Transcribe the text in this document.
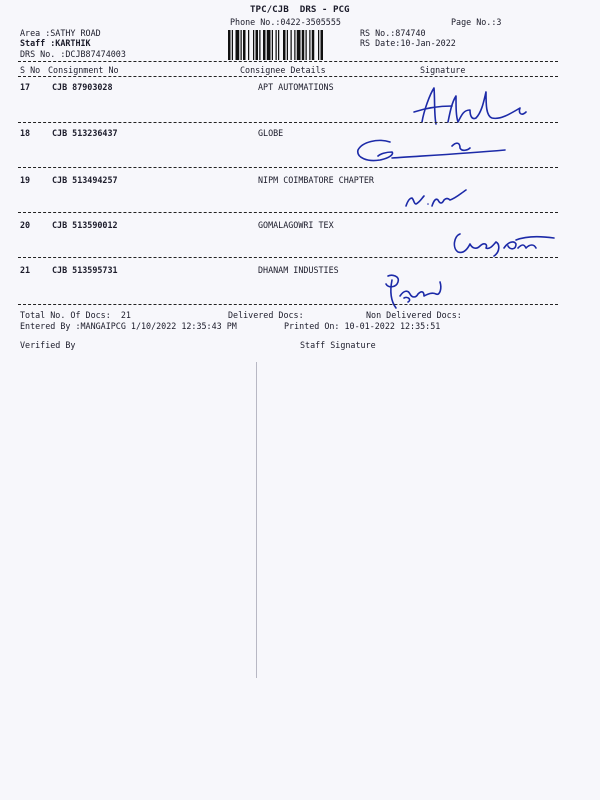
TPC/CJB  DRS - PCG
Phone No.:0422-3505555	Page No.:3
Area :SATHY ROAD
Staff :KARTHIK
DRS No. :DCJB87474003
RS No.:874740
RS Date:10-Jan-2022
S No Consignment No	Consignee Details	Signature
17	CJB 87903028	APT AUTOMATIONS
18	CJB 513236437	GLOBE
19	CJB 513494257	NIPM COIMBATORE CHAPTER
20	CJB 513590012	GOMALAGOWRI TEX
21	CJB 513595731	DHANAM INDUSTIES
Total No. Of Docs:  21	Delivered Docs:	Non Delivered Docs:
Entered By :MANGAIPCG 1/10/2022 12:35:43 PM	Printed On: 10-01-2022 12:35:51
Verified By	Staff Signature
